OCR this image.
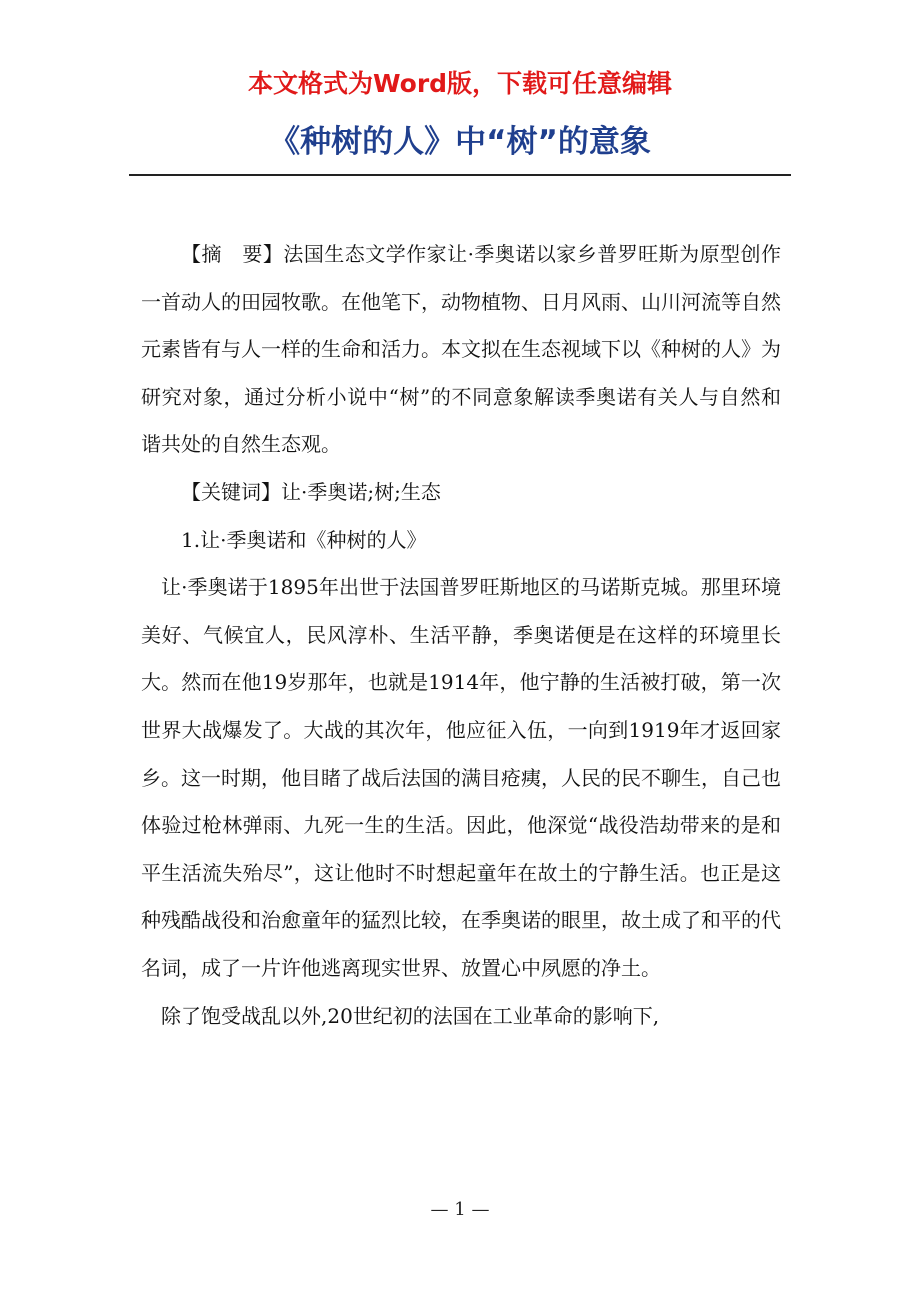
本文格式为Word版，下载可任意编辑
《种树的人》中“树”的意象

【摘　要】法国生态文学作家让·季奥诺以家乡普罗旺斯为原型创作一首动人的田园牧歌。在他笔下，动物植物、日月风雨、山川河流等自然元素皆有与人一样的生命和活力。本文拟在生态视域下以《种树的人》为研究对象，通过分析小说中“树”的不同意象解读季奥诺有关人与自然和谐共处的自然生态观。

【关键词】让·季奥诺;树;生态

1.让·季奥诺和《种树的人》

让·季奥诺于1895年出世于法国普罗旺斯地区的马诺斯克城。那里环境美好、气候宜人，民风淳朴、生活平静，季奥诺便是在这样的环境里长大。然而在他19岁那年，也就是1914年，他宁静的生活被打破，第一次世界大战爆发了。大战的其次年，他应征入伍，一向到1919年才返回家乡。这一时期，他目睹了战后法国的满目疮痍，人民的民不聊生，自己也体验过枪林弹雨、九死一生的生活。因此，他深觉“战役浩劫带来的是和平生活流失殆尽”，这让他时不时想起童年在故土的宁静生活。也正是这种残酷战役和治愈童年的猛烈比较，在季奥诺的眼里，故土成了和平的代名词，成了一片许他逃离现实世界、放置心中夙愿的净土。

除了饱受战乱以外,20世纪初的法国在工业革命的影响下,

— 1 —
